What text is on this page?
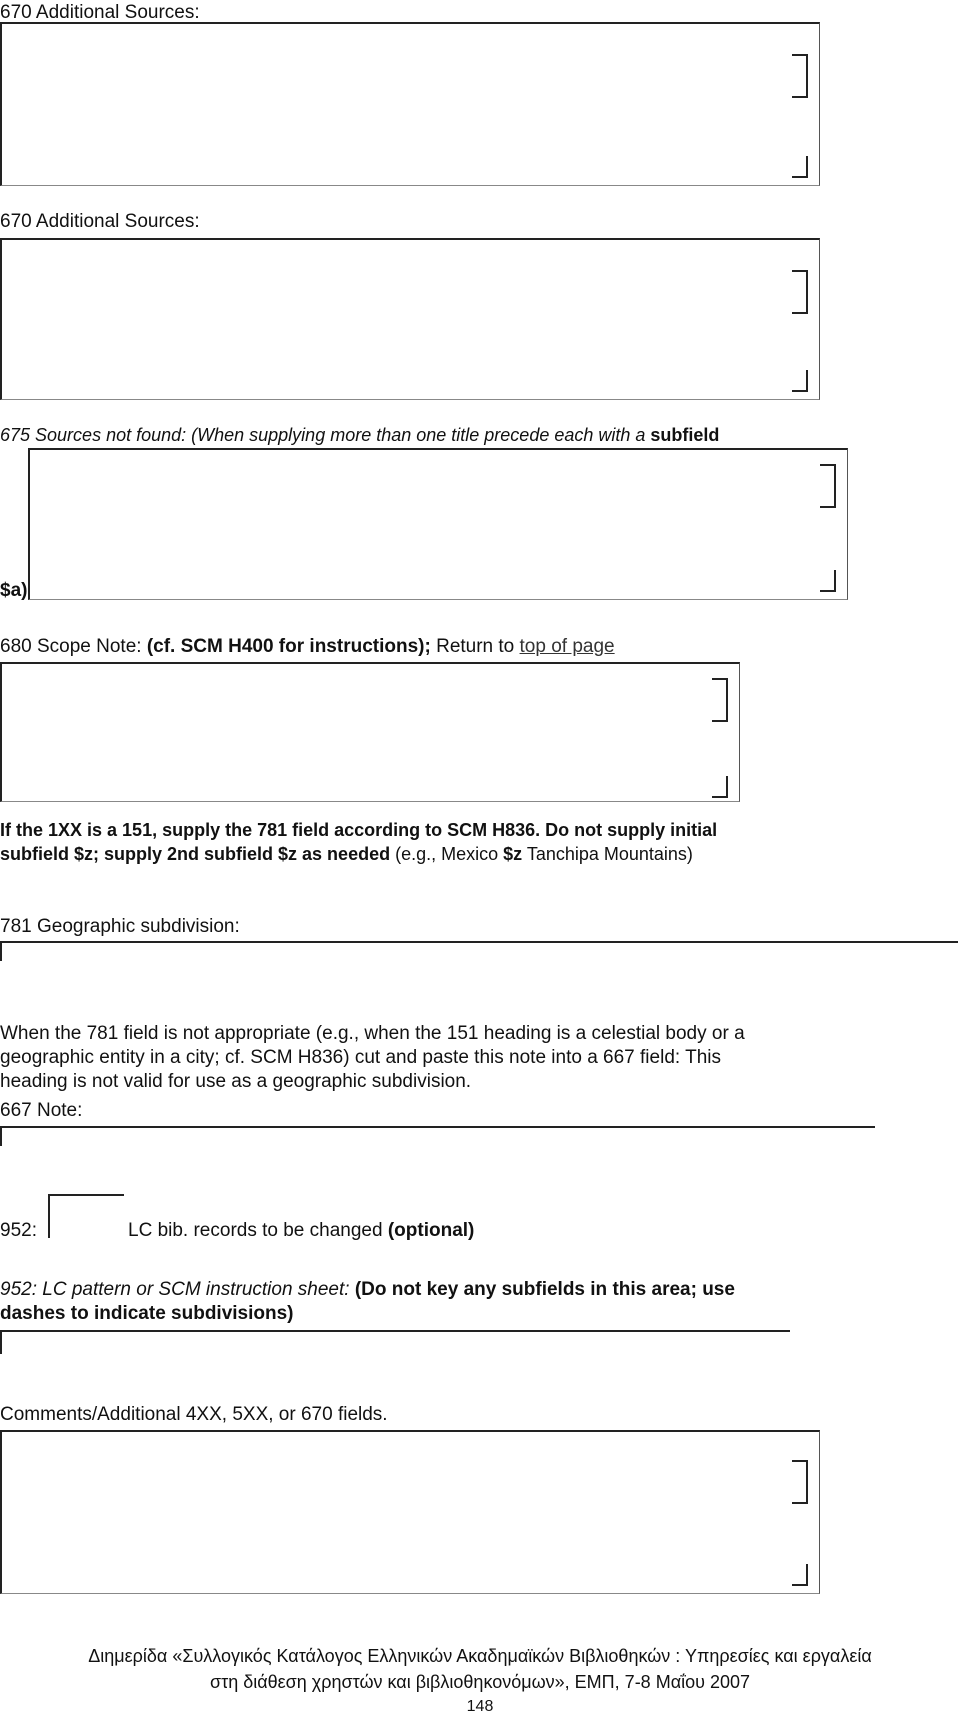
670 Additional Sources:
670 Additional Sources:
675 Sources not found: (When supplying more than one title precede each with a subfield
$a)
680 Scope Note: (cf. SCM H400 for instructions); Return to top of page
If the 1XX is a 151, supply the 781 field according to SCM H836. Do not supply initial
subfield $z; supply 2nd subfield $z as needed (e.g., Mexico $z Tanchipa Mountains)
781 Geographic subdivision:
When the 781 field is not appropriate (e.g., when the 151 heading is a celestial body or a
geographic entity in a city; cf. SCM H836) cut and paste this note into a 667 field: This
heading is not valid for use as a geographic subdivision.
667 Note:
952:	LC bib. records to be changed (optional)
952: LC pattern or SCM instruction sheet: (Do not key any subfields in this area; use
dashes to indicate subdivisions)
Comments/Additional 4XX, 5XX, or 670 fields.
Διημερίδα «Συλλογικός Κατάλογος Ελληνικών Ακαδημαϊκών Βιβλιοθηκών : Υπηρεσίες και εργαλεία
στη διάθεση χρηστών και βιβλιοθηκονόμων», ΕΜΠ, 7-8 Μαΐου 2007
148
